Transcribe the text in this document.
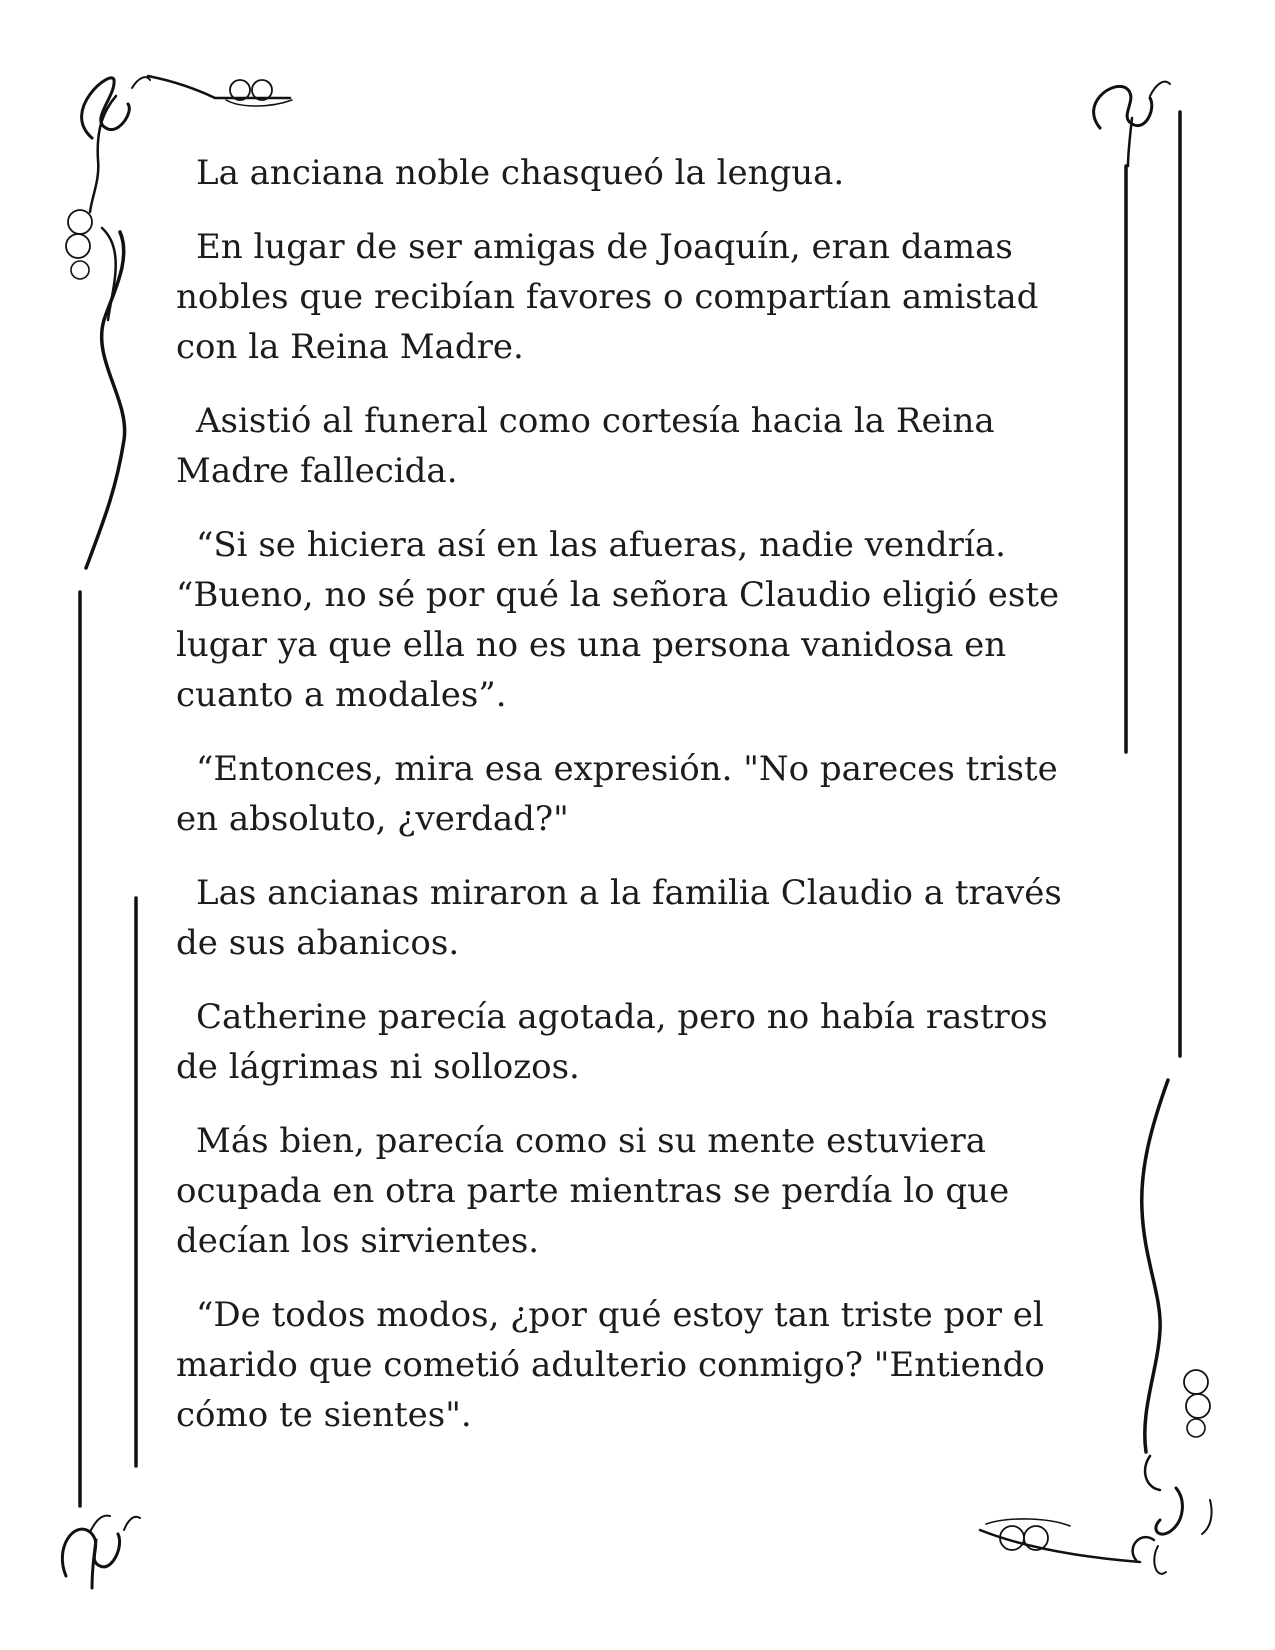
La anciana noble chasqueó la lengua.

En lugar de ser amigas de Joaquín, eran damas nobles que recibían favores o compartían amistad con la Reina Madre.

Asistió al funeral como cortesía hacia la Reina Madre fallecida.

“Si se hiciera así en las afueras, nadie vendría. “Bueno, no sé por qué la señora Claudio eligió este lugar ya que ella no es una persona vanidosa en cuanto a modales”.

“Entonces, mira esa expresión. "No pareces triste en absoluto, ¿verdad?"

Las ancianas miraron a la familia Claudio a través de sus abanicos.

Catherine parecía agotada, pero no había rastros de lágrimas ni sollozos.

Más bien, parecía como si su mente estuviera ocupada en otra parte mientras se perdía lo que decían los sirvientes.

“De todos modos, ¿por qué estoy tan triste por el marido que cometió adulterio conmigo? "Entiendo cómo te sientes".
